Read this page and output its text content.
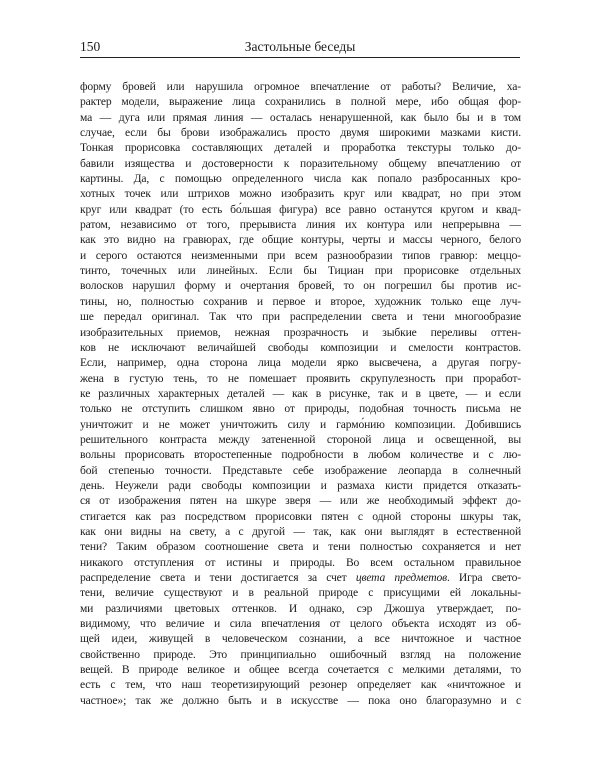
150	Застольные беседы
форму бровей или нарушила огромное впечатление от работы? Величие, ха-
рактер модели, выражение лица сохранились в полной мере, ибо общая фор-
ма — дуга или прямая линия — осталась ненарушенной, как было бы и в том
случае, если бы брови изображались просто двумя широкими мазками кисти.
Тонкая прорисовка составляющих деталей и проработка текстуры только до-
бавили изящества и достоверности к поразительному общему впечатлению от
картины. Да, с помощью определенного числа как попало разбросанных кро-
хотных точек или штрихов можно изобразить круг или квадрат, но при этом
круг или квадрат (то есть бо́льшая фигура) все равно останутся кругом и квад-
ратом, независимо от того, прерывиста линия их контура или непрерывна —
как это видно на гравюрах, где общие контуры, черты и массы черного, белого
и серого остаются неизменными при всем разнообразии типов гравюр: меццо-
тинто, точечных или линейных. Если бы Тициан при прорисовке отдельных
волосков нарушил форму и очертания бровей, то он погрешил бы против ис-
тины, но, полностью сохранив и первое и второе, художник только еще луч-
ше передал оригинал. Так что при распределении света и тени многообразие
изобразительных приемов, нежная прозрачность и зыбкие переливы оттен-
ков не исключают величайшей свободы композиции и смелости контрастов.
Если, например, одна сторона лица модели ярко высвечена, а другая погру-
жена в густую тень, то не помешает проявить скрупулезность при проработ-
ке различных характерных деталей — как в рисунке, так и в цвете, — и если
только не отступить слишком явно от природы, подобная точность письма не
уничтожит и не может уничтожить силу и гармо́нию композиции. Добившись
решительного контраста между затененной стороной лица и освещенной, вы
вольны прорисовать второстепенные подробности в любом количестве и с лю-
бой степенью точности. Представьте себе изображение леопарда в солнечный
день. Неужели ради свободы композиции и размаха кисти придется отказать-
ся от изображения пятен на шкуре зверя — или же необходимый эффект до-
стигается как раз посредством прорисовки пятен с одной стороны шкуры так,
как они видны на свету, а с другой — так, как они выглядят в естественной
тени? Таким образом соотношение света и тени полностью сохраняется и нет
никакого отступления от истины и природы. Во всем остальном правильное
распределение света и тени достигается за счет цвета предметов. Игра свето-
тени, величие существуют и в реальной природе с присущими ей локальны-
ми различиями цветовых оттенков. И однако, сэр Джошуа утверждает, по-
видимому, что величие и сила впечатления от целого объекта исходят из об-
щей идеи, живущей в человеческом сознании, а все ничтожное и частное
свойственно природе. Это принципиально ошибочный взгляд на положение
вещей. В природе великое и общее всегда сочетается с мелкими деталями, то
есть с тем, что наш теоретизирующий резонер определяет как «ничтожное и
частное»; так же должно быть и в искусстве — пока оно благоразумно и с
